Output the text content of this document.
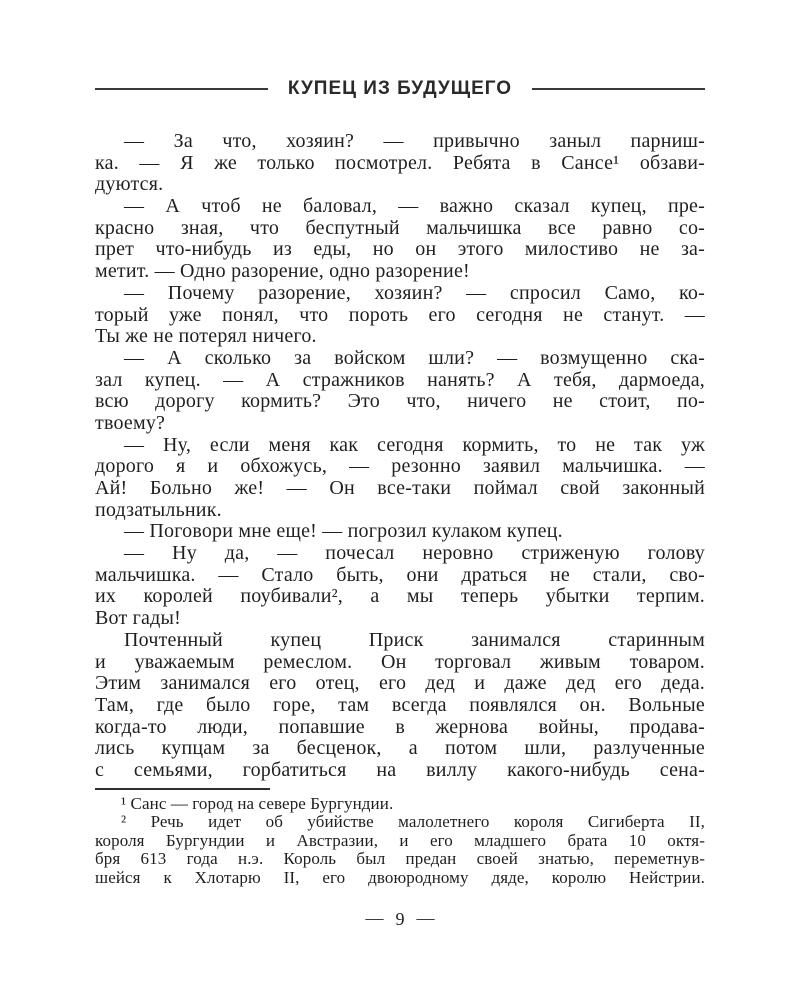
КУПЕЦ ИЗ БУДУЩЕГО
— За что, хозяин? — привычно заныл парниш-
ка. — Я же только посмотрел. Ребята в Сансе¹ обзави-
дуются.
— А чтоб не баловал, — важно сказал купец, пре-
красно зная, что беспутный мальчишка все равно со-
прет что-нибудь из еды, но он этого милостиво не за-
метит. — Одно разорение, одно разорение!
— Почему разорение, хозяин? — спросил Само, ко-
торый уже понял, что пороть его сегодня не станут. —
Ты же не потерял ничего.
— А сколько за войском шли? — возмущенно ска-
зал купец. — А стражников нанять? А тебя, дармоеда,
всю дорогу кормить? Это что, ничего не стоит, по-
твоему?
— Ну, если меня как сегодня кормить, то не так уж
дорого я и обхожусь, — резонно заявил мальчишка. —
Ай! Больно же! — Он все-таки поймал свой законный
подзатыльник.
— Поговори мне еще! — погрозил кулаком купец.
— Ну да, — почесал неровно стриженую голову
мальчишка. — Стало быть, они драться не стали, сво-
их королей поубивали², а мы теперь убытки терпим.
Вот гады!
Почтенный купец Приск занимался старинным
и уважаемым ремеслом. Он торговал живым товаром.
Этим занимался его отец, его дед и даже дед его деда.
Там, где было горе, там всегда появлялся он. Вольные
когда-то люди, попавшие в жернова войны, продава-
лись купцам за бесценок, а потом шли, разлученные
с семьями, горбатиться на виллу какого-нибудь сена-
¹ Санс — город на севере Бургундии.
² Речь идет об убийстве малолетнего короля Сигиберта II,
короля Бургундии и Австразии, и его младшего брата 10 октя-
бря 613 года н.э. Король был предан своей знатью, переметнув-
шейся к Хлотарю II, его двоюродному дяде, королю Нейстрии.
— 9 —
